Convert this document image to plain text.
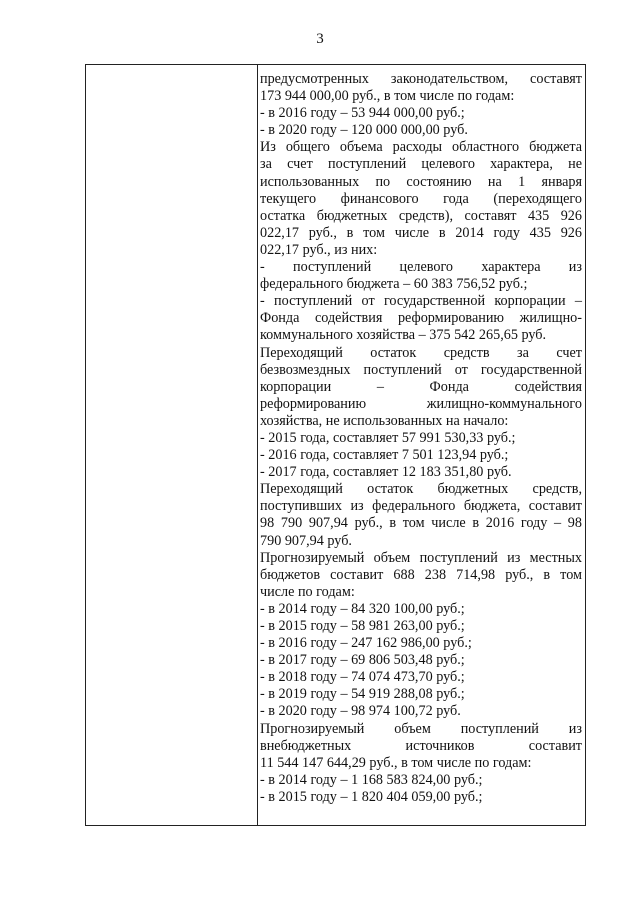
3

предусмотренных законодательством, составят

173 944 000,00 руб., в том числе по годам:

- в 2016 году – 53 944 000,00 руб.;

- в 2020 году – 120 000 000,00 руб.

Из общего объема расходы областного бюджета

за счет поступлений целевого характера, не

использованных по состоянию на 1 января

текущего финансового года (переходящего

остатка бюджетных средств), составят 435 926

022,17 руб., в том числе в 2014 году 435 926

022,17 руб., из них:

- поступлений целевого характера из

федерального бюджета – 60 383 756,52 руб.;

- поступлений от государственной корпорации –

Фонда содействия реформированию жилищно-

коммунального хозяйства – 375 542 265,65 руб.

Переходящий остаток средств за счет

безвозмездных поступлений от государственной

корпорации – Фонда содействия

реформированию жилищно-коммунального

хозяйства, не использованных на начало:

- 2015 года, составляет 57 991 530,33 руб.;

- 2016 года, составляет 7 501 123,94 руб.;

- 2017 года, составляет 12 183 351,80 руб.

Переходящий остаток бюджетных средств,

поступивших из федерального бюджета, составит

98 790 907,94 руб., в том числе в 2016 году – 98

790 907,94 руб.

Прогнозируемый объем поступлений из местных

бюджетов составит 688 238 714,98 руб., в том

числе по годам:

- в 2014 году – 84 320 100,00 руб.;

- в 2015 году – 58 981 263,00 руб.;

- в 2016 году – 247 162 986,00 руб.;

- в 2017 году – 69 806 503,48 руб.;

- в 2018 году – 74 074 473,70 руб.;

- в 2019 году – 54 919 288,08 руб.;

- в 2020 году – 98 974 100,72 руб.

Прогнозируемый объем поступлений из

внебюджетных источников составит

11 544 147 644,29 руб., в том числе по годам:

- в 2014 году – 1 168 583 824,00 руб.;

- в 2015 году – 1 820 404 059,00 руб.;
